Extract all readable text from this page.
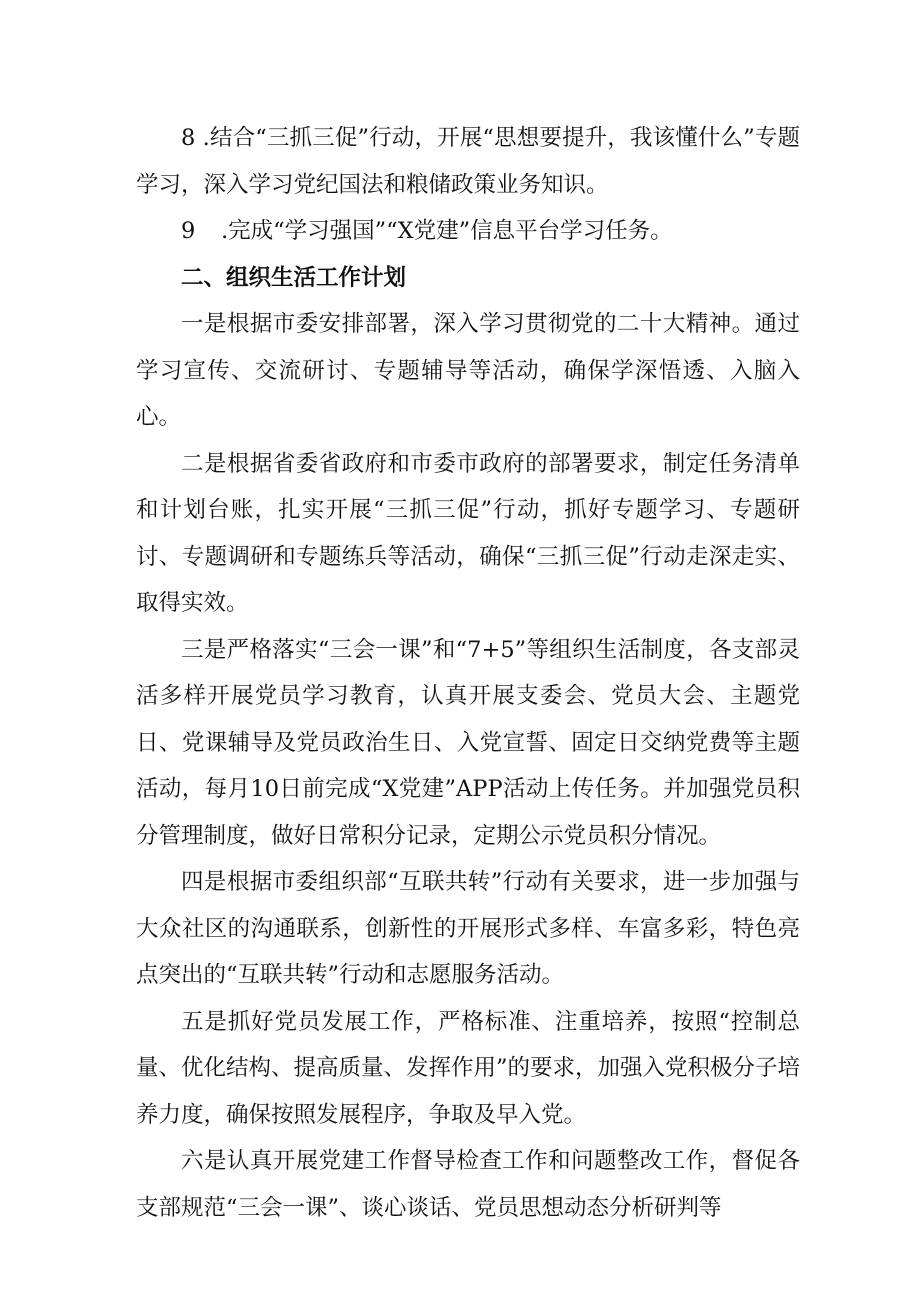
8 .结合“三抓三促”行动，开展“思想要提升，我该懂什么”专题学习，深入学习党纪国法和粮储政策业务知识。

9 .完成“学习强国”“X党建”信息平台学习任务。

二、组织生活工作计划

一是根据市委安排部署，深入学习贯彻党的二十大精神。通过学习宣传、交流研讨、专题辅导等活动，确保学深悟透、入脑入心。

二是根据省委省政府和市委市政府的部署要求，制定任务清单和计划台账，扎实开展“三抓三促”行动，抓好专题学习、专题研讨、专题调研和专题练兵等活动，确保“三抓三促”行动走深走实、取得实效。

三是严格落实“三会一课”和“7+5”等组织生活制度，各支部灵活多样开展党员学习教育，认真开展支委会、党员大会、主题党日、党课辅导及党员政治生日、入党宣誓、固定日交纳党费等主题活动，每月10日前完成“X党建”APP活动上传任务。并加强党员积分管理制度，做好日常积分记录，定期公示党员积分情况。

四是根据市委组织部“互联共转”行动有关要求，进一步加强与大众社区的沟通联系，创新性的开展形式多样、车富多彩，特色亮点突出的“互联共转”行动和志愿服务活动。

五是抓好党员发展工作，严格标准、注重培养，按照“控制总量、优化结构、提高质量、发挥作用”的要求，加强入党积极分子培养力度，确保按照发展程序，争取及早入党。

六是认真开展党建工作督导检查工作和问题整改工作，督促各支部规范“三会一课”、谈心谈话、党员思想动态分析研判等
